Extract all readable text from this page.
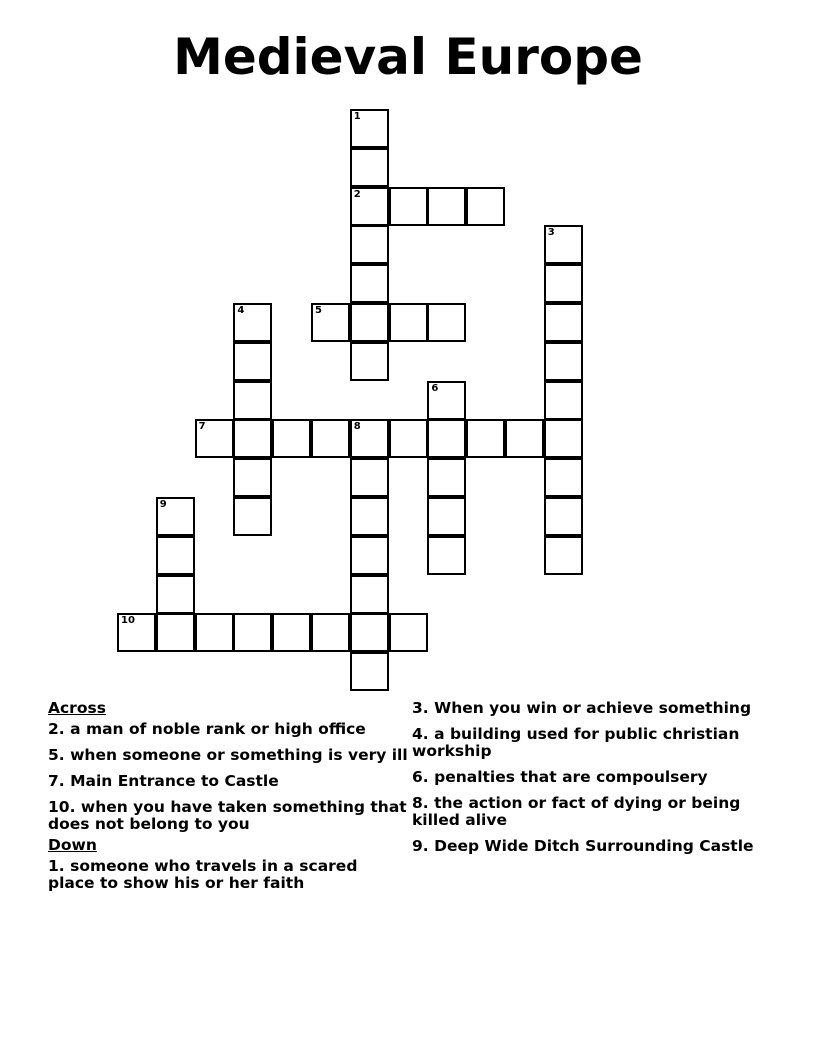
Medieval Europe
1
2
3
4	5
7	8
6
9
10
Across
2. a man of noble rank or high office
5. when someone or something is very ill
7. Main Entrance to Castle
10. when you have taken something that does not belong to you
Down
1. someone who travels in a scared place to show his or her faith
3. When you win or achieve something
4. a building used for public christian workship
6. penalties that are compoulsery
8. the action or fact of dying or being killed alive
9. Deep Wide Ditch Surrounding Castle
